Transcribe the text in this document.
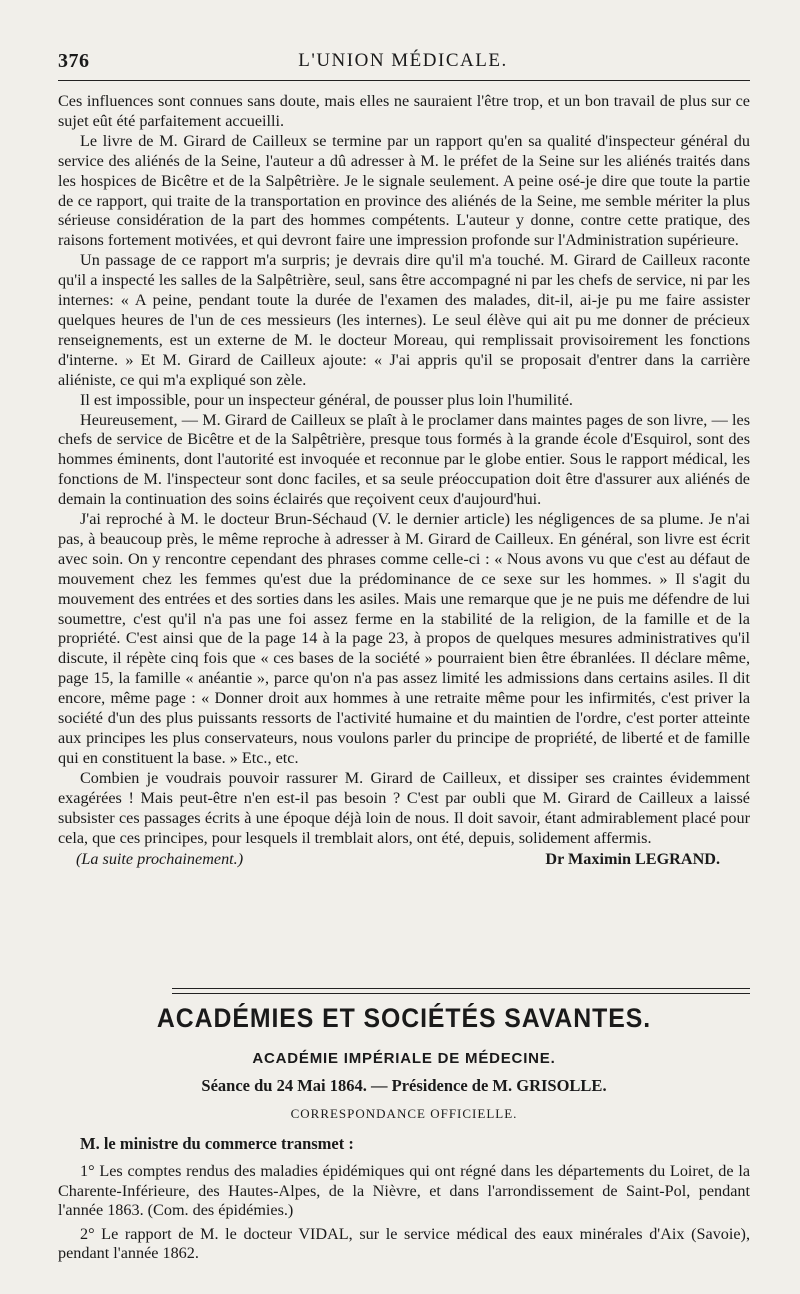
376	L'UNION MÉDICALE.

Ces influences sont connues sans doute, mais elles ne sauraient l'être trop, et un bon travail de plus sur ce sujet eût été parfaitement accueilli.

Le livre de M. Girard de Cailleux se termine par un rapport qu'en sa qualité d'inspecteur général du service des aliénés de la Seine, l'auteur a dû adresser à M. le préfet de la Seine sur les aliénés traités dans les hospices de Bicêtre et de la Salpêtrière. Je le signale seulement. A peine osé-je dire que toute la partie de ce rapport, qui traite de la transportation en province des aliénés de la Seine, me semble mériter la plus sérieuse considération de la part des hommes compétents. L'auteur y donne, contre cette pratique, des raisons fortement motivées, et qui devront faire une impression profonde sur l'Administration supérieure.

Un passage de ce rapport m'a surpris; je devrais dire qu'il m'a touché. M. Girard de Cailleux raconte qu'il a inspecté les salles de la Salpêtrière, seul, sans être accompagné ni par les chefs de service, ni par les internes: « A peine, pendant toute la durée de l'examen des malades, dit-il, ai-je pu me faire assister quelques heures de l'un de ces messieurs (les internes). Le seul élève qui ait pu me donner de précieux renseignements, est un externe de M. le docteur Moreau, qui remplissait provisoirement les fonctions d'interne. » Et M. Girard de Cailleux ajoute: « J'ai appris qu'il se proposait d'entrer dans la carrière aliéniste, ce qui m'a expliqué son zèle.

Il est impossible, pour un inspecteur général, de pousser plus loin l'humilité.

Heureusement, — M. Girard de Cailleux se plaît à le proclamer dans maintes pages de son livre, — les chefs de service de Bicêtre et de la Salpêtrière, presque tous formés à la grande école d'Esquirol, sont des hommes éminents, dont l'autorité est invoquée et reconnue par le globe entier. Sous le rapport médical, les fonctions de M. l'inspecteur sont donc faciles, et sa seule préoccupation doit être d'assurer aux aliénés de demain la continuation des soins éclairés que reçoivent ceux d'aujourd'hui.

J'ai reproché à M. le docteur Brun-Séchaud (V. le dernier article) les négligences de sa plume. Je n'ai pas, à beaucoup près, le même reproche à adresser à M. Girard de Cailleux. En général, son livre est écrit avec soin. On y rencontre cependant des phrases comme celle-ci : « Nous avons vu que c'est au défaut de mouvement chez les femmes qu'est due la prédominance de ce sexe sur les hommes. » Il s'agit du mouvement des entrées et des sorties dans les asiles. Mais une remarque que je ne puis me défendre de lui soumettre, c'est qu'il n'a pas une foi assez ferme en la stabilité de la religion, de la famille et de la propriété. C'est ainsi que de la page 14 à la page 23, à propos de quelques mesures administratives qu'il discute, il répète cinq fois que « ces bases de la société » pourraient bien être ébranlées. Il déclare même, page 15, la famille « anéantie », parce qu'on n'a pas assez limité les admissions dans certains asiles. Il dit encore, même page : « Donner droit aux hommes à une retraite même pour les infirmités, c'est priver la société d'un des plus puissants ressorts de l'activité humaine et du maintien de l'ordre, c'est porter atteinte aux principes les plus conservateurs, nous voulons parler du principe de propriété, de liberté et de famille qui en constituent la base. » Etc., etc.

Combien je voudrais pouvoir rassurer M. Girard de Cailleux, et dissiper ses craintes évidemment exagérées ! Mais peut-être n'en est-il pas besoin ? C'est par oubli que M. Girard de Cailleux a laissé subsister ces passages écrits à une époque déjà loin de nous. Il doit savoir, étant admirablement placé pour cela, que ces principes, pour lesquels il tremblait alors, ont été, depuis, solidement affermis.

(La suite prochainement.)	Dr Maximin LEGRAND.
ACADÉMIES ET SOCIÉTÉS SAVANTES.
ACADÉMIE IMPÉRIALE DE MÉDECINE.
Séance du 24 Mai 1864. — Présidence de M. GRISOLLE.
CORRESPONDANCE OFFICIELLE.

M. le ministre du commerce transmet :

1° Les comptes rendus des maladies épidémiques qui ont régné dans les départements du Loiret, de la Charente-Inférieure, des Hautes-Alpes, de la Nièvre, et dans l'arrondissement de Saint-Pol, pendant l'année 1863. (Com. des épidémies.)

2° Le rapport de M. le docteur VIDAL, sur le service médical des eaux minérales d'Aix (Savoie), pendant l'année 1862.
